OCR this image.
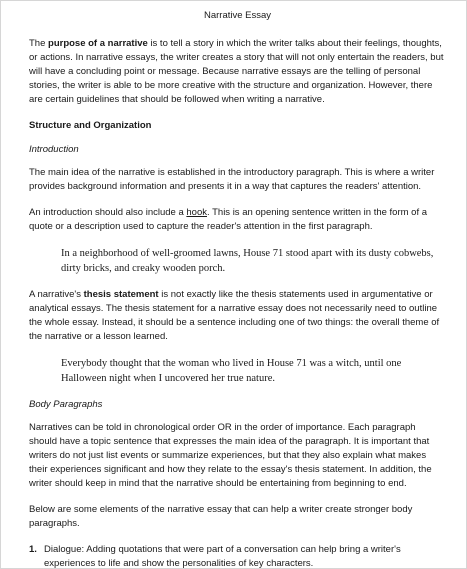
Narrative Essay

The purpose of a narrative is to tell a story in which the writer talks about their feelings, thoughts, or actions. In narrative essays, the writer creates a story that will not only entertain the readers, but will have a concluding point or message. Because narrative essays are the telling of personal stories, the writer is able to be more creative with the structure and organization. However, there are certain guidelines that should be followed when writing a narrative.

Structure and Organization
Introduction

The main idea of the narrative is established in the introductory paragraph. This is where a writer provides background information and presents it in a way that captures the readers' attention.

An introduction should also include a hook. This is an opening sentence written in the form of a quote or a description used to capture the reader's attention in the first paragraph.

In a neighborhood of well-groomed lawns, House 71 stood apart with its dusty cobwebs, dirty bricks, and creaky wooden porch.

A narrative's thesis statement is not exactly like the thesis statements used in argumentative or analytical essays. The thesis statement for a narrative essay does not necessarily need to outline the whole essay. Instead, it should be a sentence including one of two things: the overall theme of the narrative or a lesson learned.

Everybody thought that the woman who lived in House 71 was a witch, until one Halloween night when I uncovered her true nature.
Body Paragraphs

Narratives can be told in chronological order OR in the order of importance. Each paragraph should have a topic sentence that expresses the main idea of the paragraph. It is important that writers do not just list events or summarize experiences, but that they also explain what makes their experiences significant and how they relate to the essay's thesis statement. In addition, the writer should keep in mind that the narrative should be entertaining from beginning to end.

Below are some elements of the narrative essay that can help a writer create stronger body paragraphs.

1. Dialogue: Adding quotations that were part of a conversation can help bring a writer's experiences to life and show the personalities of key characters.
